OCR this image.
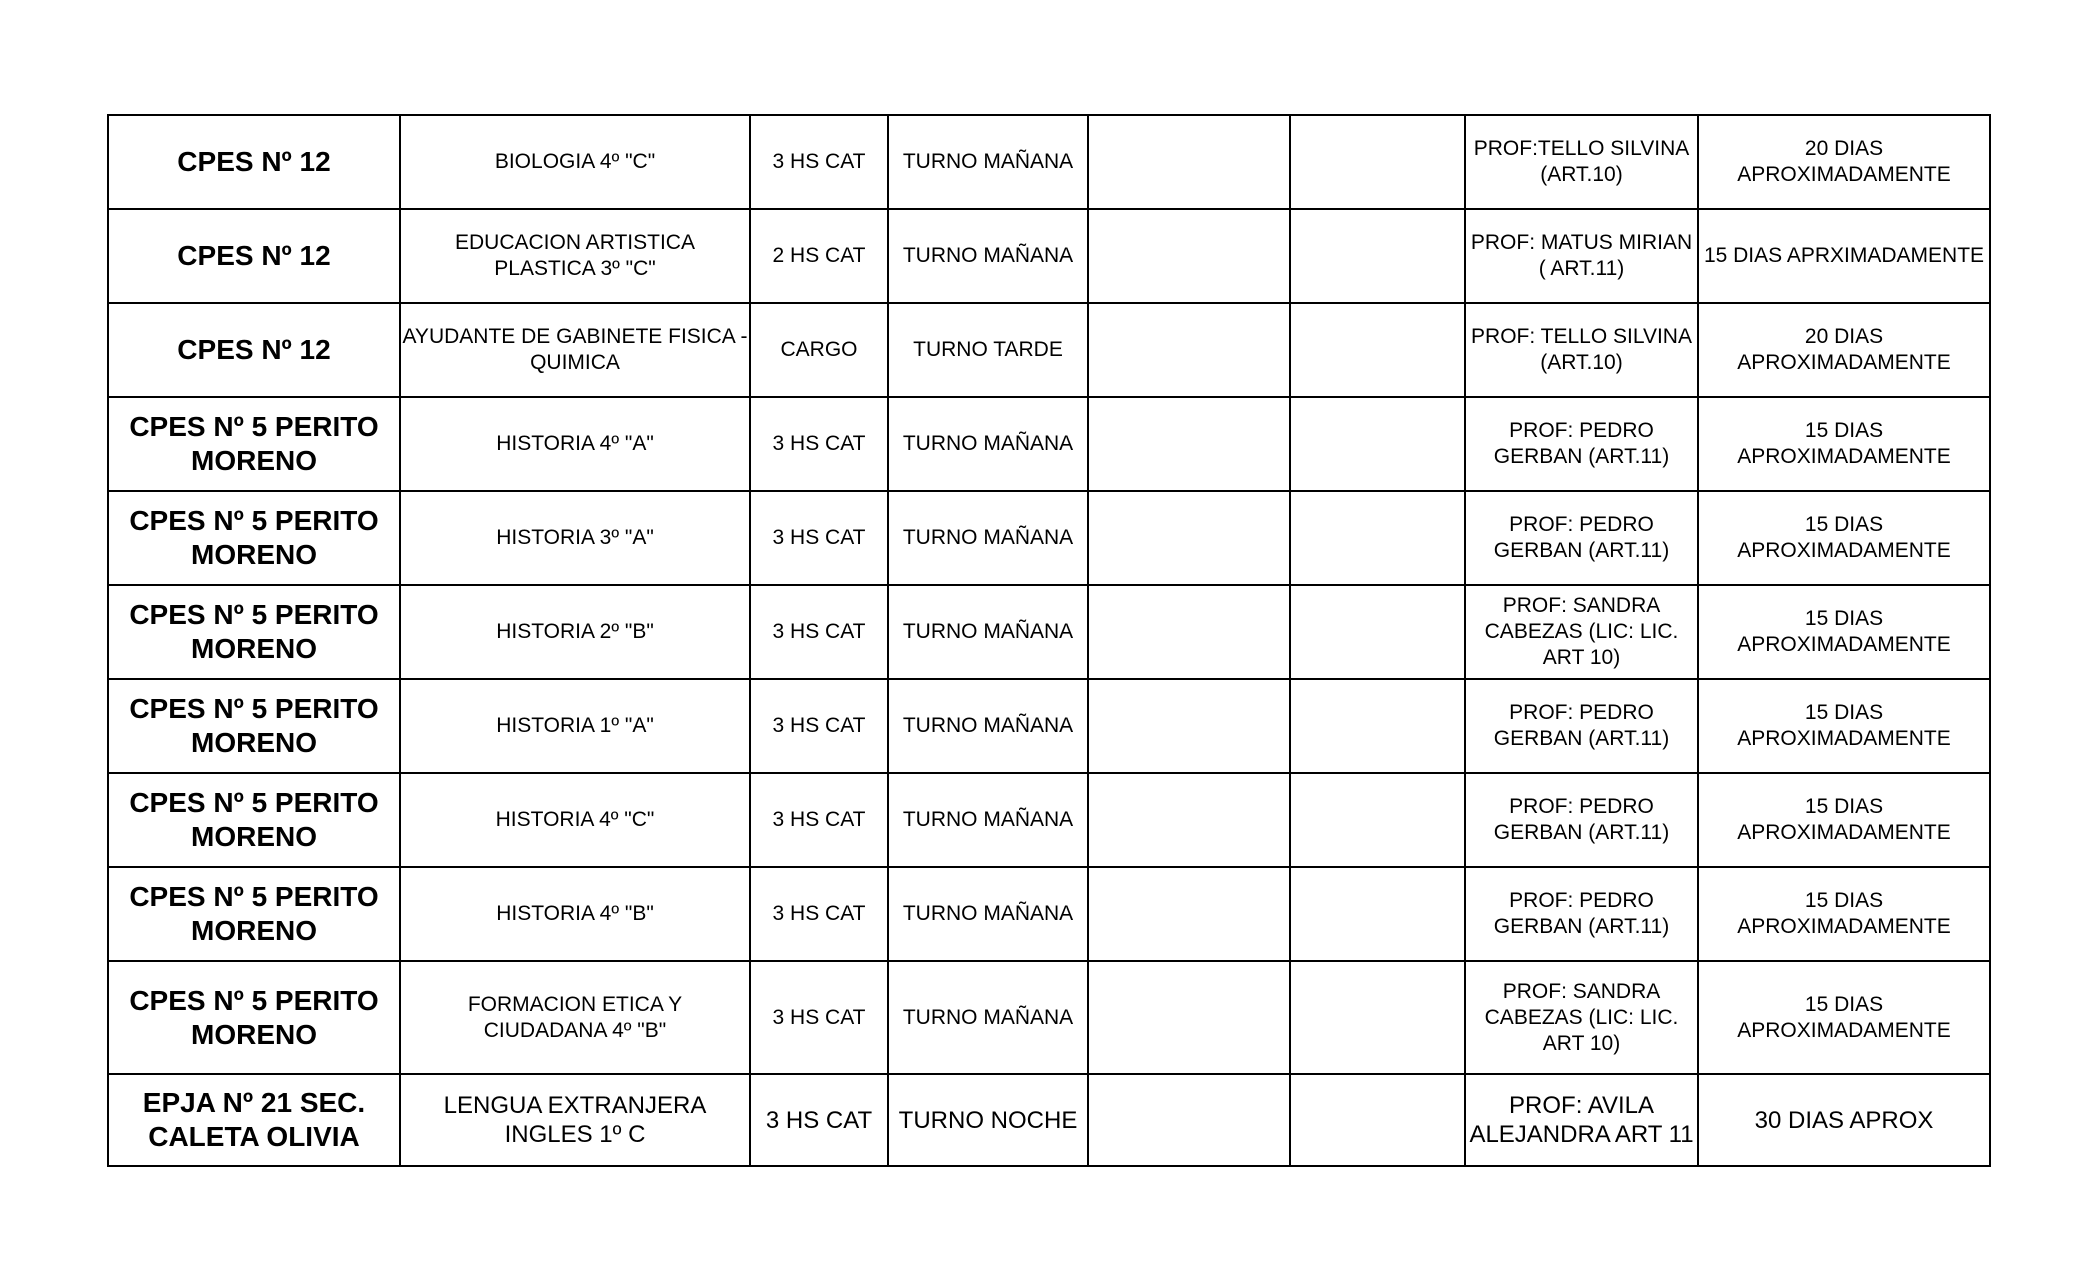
CPES Nº 12	BIOLOGIA 4º "C"	3 HS CAT	TURNO MAÑANA			PROF:TELLO SILVINA
(ART.10)	20 DIAS
APROXIMADAMENTE
CPES Nº 12	EDUCACION ARTISTICA
PLASTICA 3º "C"	2 HS CAT	TURNO MAÑANA			PROF: MATUS MIRIAN
( ART.11)	15 DIAS APRXIMADAMENTE
CPES Nº 12	AYUDANTE DE GABINETE FISICA -
QUIMICA	CARGO	TURNO TARDE			PROF: TELLO SILVINA
(ART.10)	20 DIAS
APROXIMADAMENTE
CPES Nº 5 PERITO
MORENO	HISTORIA 4º "A"	3 HS CAT	TURNO MAÑANA			PROF: PEDRO
GERBAN (ART.11)	15 DIAS
APROXIMADAMENTE
CPES Nº 5 PERITO
MORENO	HISTORIA 3º "A"	3 HS CAT	TURNO MAÑANA			PROF: PEDRO
GERBAN (ART.11)	15 DIAS
APROXIMADAMENTE
CPES Nº 5 PERITO
MORENO	HISTORIA 2º "B"	3 HS CAT	TURNO MAÑANA			PROF: SANDRA
CABEZAS (LIC: LIC.
ART 10)	15 DIAS
APROXIMADAMENTE
CPES Nº 5 PERITO
MORENO	HISTORIA 1º "A"	3 HS CAT	TURNO MAÑANA			PROF: PEDRO
GERBAN (ART.11)	15 DIAS
APROXIMADAMENTE
CPES Nº 5 PERITO
MORENO	HISTORIA 4º "C"	3 HS CAT	TURNO MAÑANA			PROF: PEDRO
GERBAN (ART.11)	15 DIAS
APROXIMADAMENTE
CPES Nº 5 PERITO
MORENO	HISTORIA 4º "B"	3 HS CAT	TURNO MAÑANA			PROF: PEDRO
GERBAN (ART.11)	15 DIAS
APROXIMADAMENTE
CPES Nº 5 PERITO
MORENO	FORMACION ETICA Y
CIUDADANA 4º "B"	3 HS CAT	TURNO MAÑANA			PROF: SANDRA
CABEZAS (LIC: LIC.
ART 10)	15 DIAS
APROXIMADAMENTE
EPJA Nº 21 SEC.
CALETA OLIVIA	LENGUA EXTRANJERA
INGLES 1º C	3 HS CAT	TURNO NOCHE			PROF: AVILA
ALEJANDRA ART 11	30 DIAS APROX
